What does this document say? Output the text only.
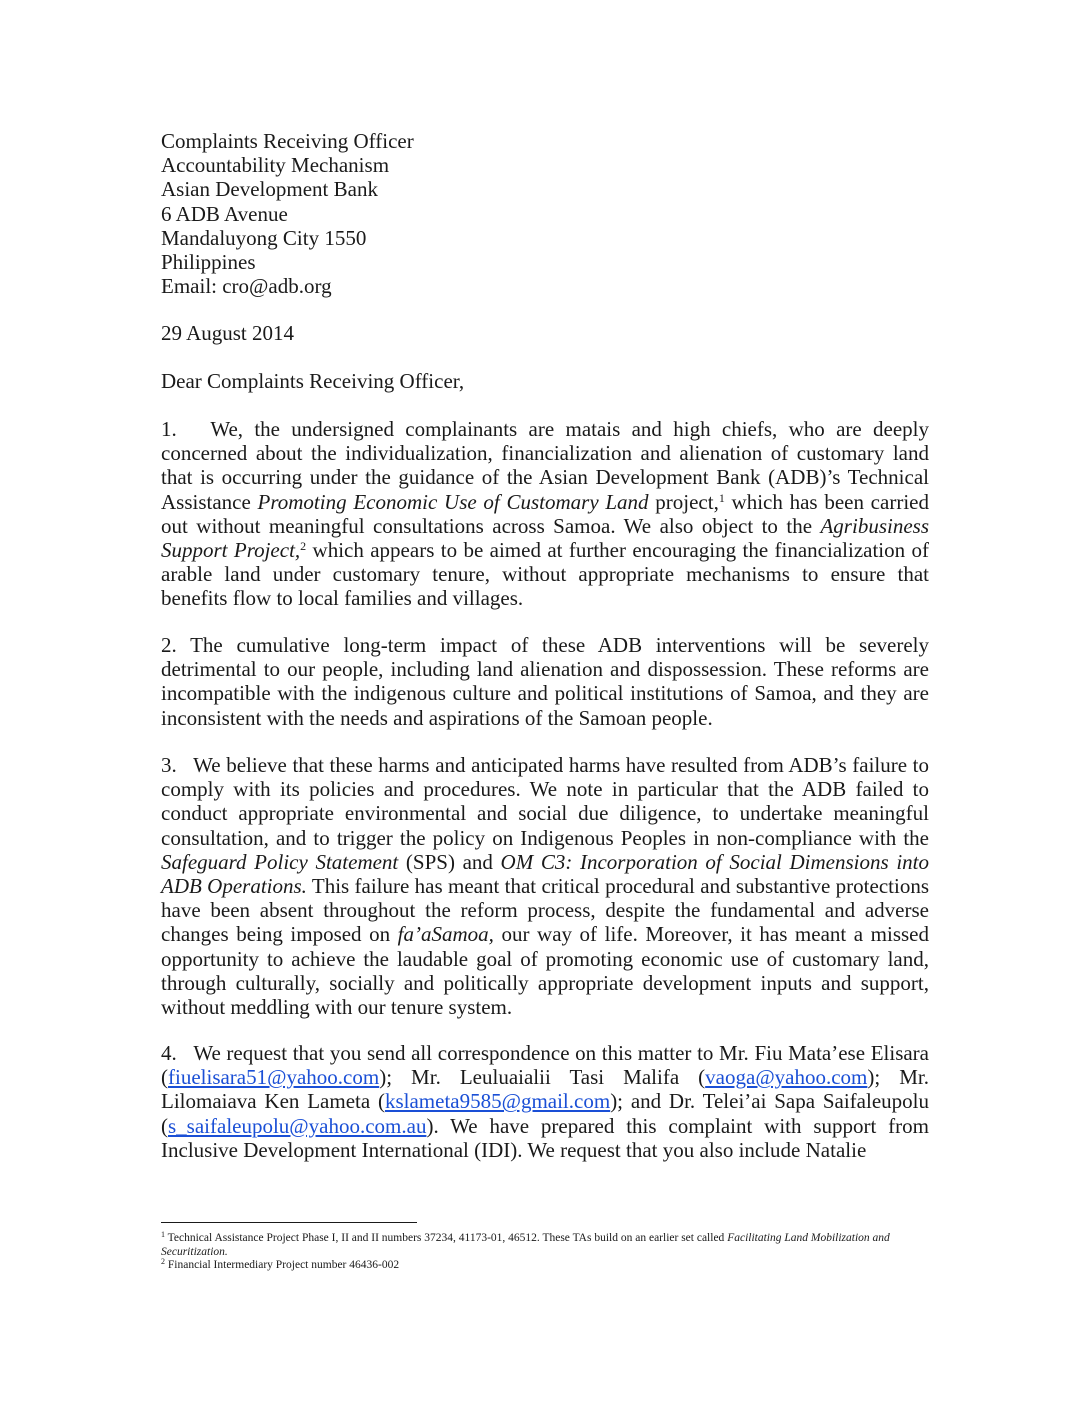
Complaints Receiving Officer
Accountability Mechanism
Asian Development Bank
6 ADB Avenue
Mandaluyong City 1550
Philippines
Email: cro@adb.org
29 August 2014
Dear Complaints Receiving Officer,
1. We, the undersigned complainants are matais and high chiefs, who are deeply concerned about the individualization, financialization and alienation of customary land that is occurring under the guidance of the Asian Development Bank (ADB)’s Technical Assistance Promoting Economic Use of Customary Land project,$^1$ which has been carried out without meaningful consultations across Samoa. We also object to the Agribusiness Support Project,$^2$ which appears to be aimed at further encouraging the financialization of arable land under customary tenure, without appropriate mechanisms to ensure that benefits flow to local families and villages.
2. The cumulative long-term impact of these ADB interventions will be severely detrimental to our people, including land alienation and dispossession. These reforms are incompatible with the indigenous culture and political institutions of Samoa, and they are inconsistent with the needs and aspirations of the Samoan people.
3. We believe that these harms and anticipated harms have resulted from ADB’s failure to comply with its policies and procedures. We note in particular that the ADB failed to conduct appropriate environmental and social due diligence, to undertake meaningful consultation, and to trigger the policy on Indigenous Peoples in non-compliance with the Safeguard Policy Statement (SPS) and OM C3: Incorporation of Social Dimensions into ADB Operations. This failure has meant that critical procedural and substantive protections have been absent throughout the reform process, despite the fundamental and adverse changes being imposed on fa’aSamoa, our way of life. Moreover, it has meant a missed opportunity to achieve the laudable goal of promoting economic use of customary land, through culturally, socially and politically appropriate development inputs and support, without meddling with our tenure system.
4. We request that you send all correspondence on this matter to Mr. Fiu Mata’ese Elisara (fiuelisara51@yahoo.com); Mr. Leuluaialii Tasi Malifa (vaoga@yahoo.com); Mr. Lilomaiava Ken Lameta (kslameta9585@gmail.com); and Dr. Telei’ai Sapa Saifaleupolu (s_saifaleupolu@yahoo.com.au). We have prepared this complaint with support from Inclusive Development International (IDI). We request that you also include Natalie
$^1$ Technical Assistance Project Phase I, II and II numbers 37234, 41173-01, 46512. These TAs build on an earlier set called Facilitating Land Mobilization and Securitization.
$^2$ Financial Intermediary Project number 46436-002
